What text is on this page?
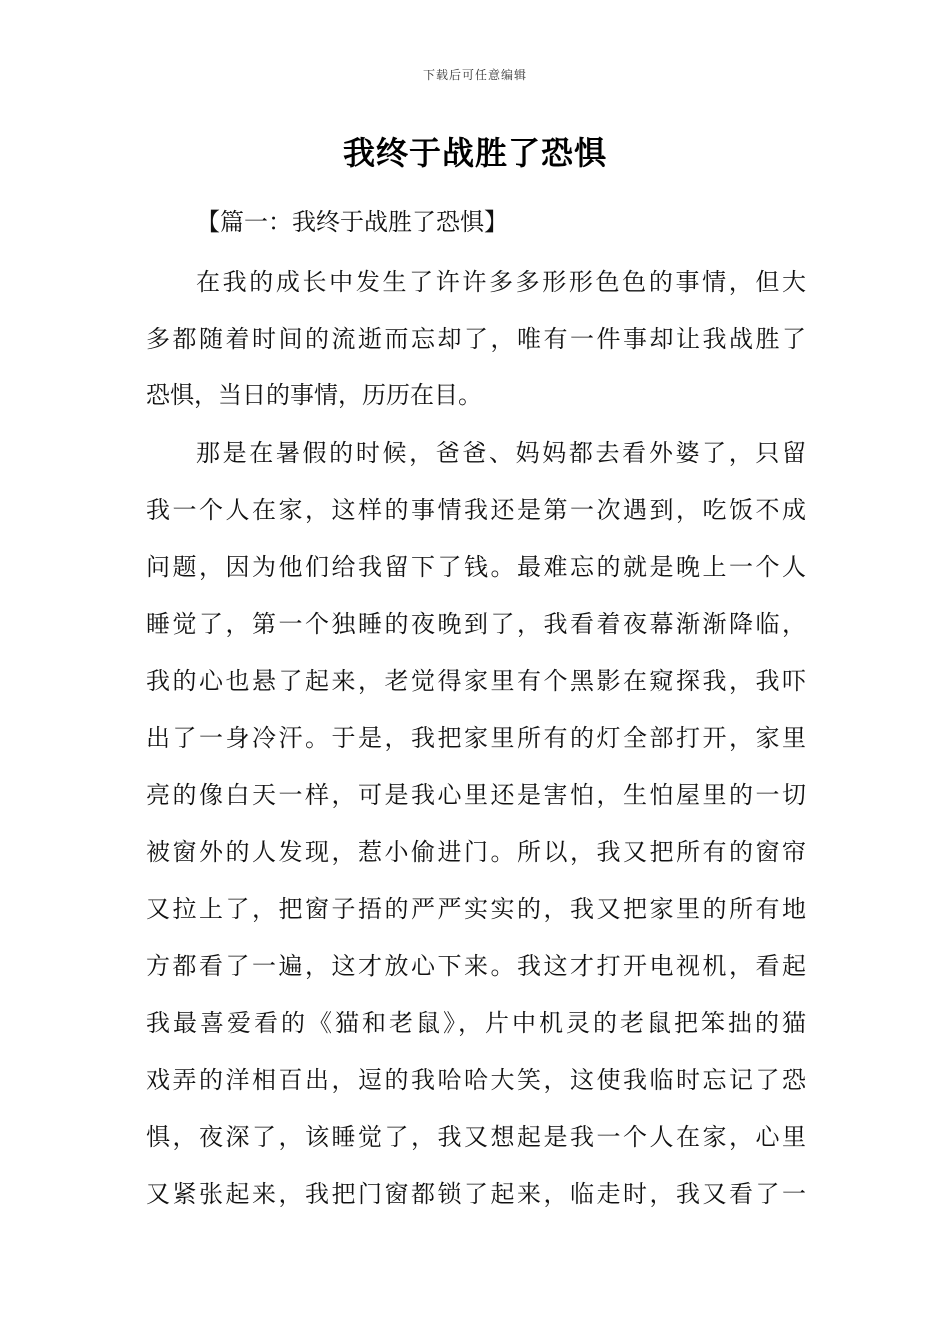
下载后可任意编辑
我终于战胜了恐惧
【篇一：我终于战胜了恐惧】
在我的成长中发生了许许多多形形色色的事情，但大
多都随着时间的流逝而忘却了，唯有一件事却让我战胜了
恐惧，当日的事情，历历在目。
那是在暑假的时候，爸爸、妈妈都去看外婆了，只留
我一个人在家，这样的事情我还是第一次遇到，吃饭不成
问题，因为他们给我留下了钱。最难忘的就是晚上一个人
睡觉了，第一个独睡的夜晚到了，我看着夜幕渐渐降临，
我的心也悬了起来，老觉得家里有个黑影在窥探我，我吓
出了一身冷汗。于是，我把家里所有的灯全部打开，家里
亮的像白天一样，可是我心里还是害怕，生怕屋里的一切
被窗外的人发现，惹小偷进门。所以，我又把所有的窗帘
又拉上了，把窗子捂的严严实实的，我又把家里的所有地
方都看了一遍，这才放心下来。我这才打开电视机，看起
我最喜爱看的《猫和老鼠》，片中机灵的老鼠把笨拙的猫
戏弄的洋相百出，逗的我哈哈大笑，这使我临时忘记了恐
惧，夜深了，该睡觉了，我又想起是我一个人在家，心里
又紧张起来，我把门窗都锁了起来，临走时，我又看了一
